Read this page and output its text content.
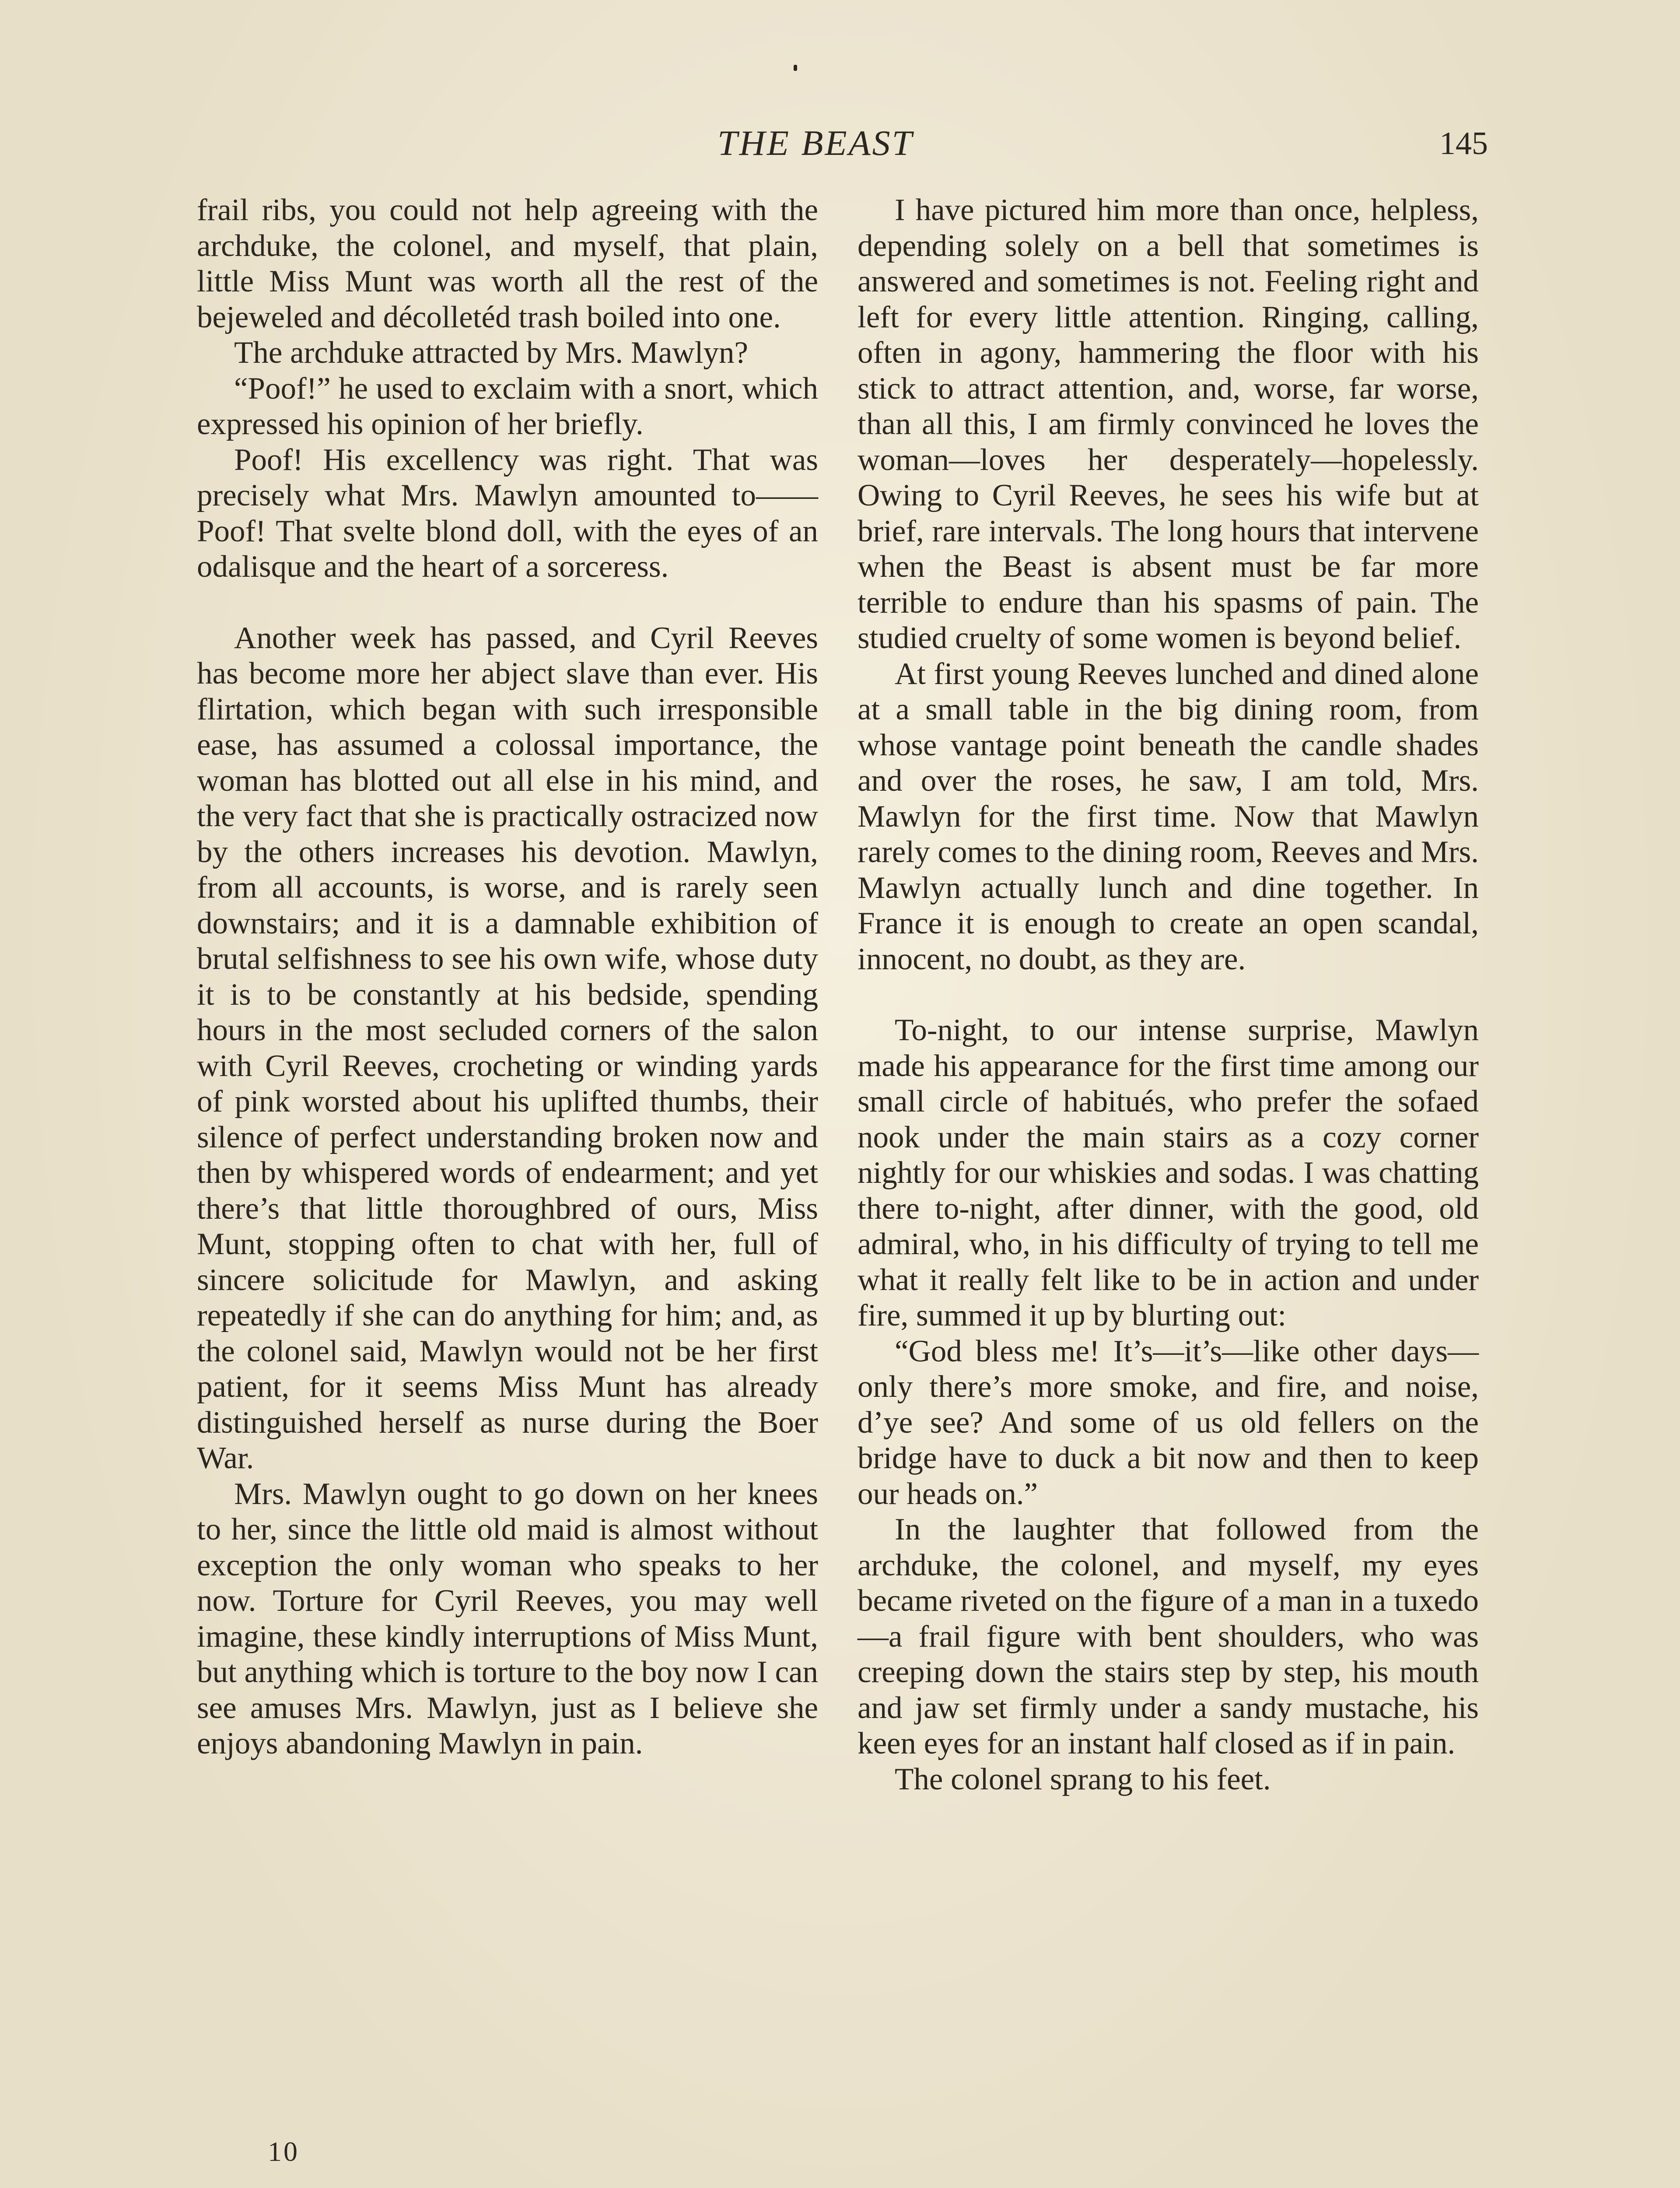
THE BEAST	145

frail ribs, you could not help agreeing with the archduke, the colonel, and myself, that plain, little Miss Munt was worth all the rest of the bejeweled and décolletéd trash boiled into one.

The archduke attracted by Mrs. Mawlyn?

“Poof!” he used to exclaim with a snort, which expressed his opinion of her briefly.

Poof! His excellency was right. That was precisely what Mrs. Mawlyn amounted to—— Poof! That svelte blond doll, with the eyes of an odalisque and the heart of a sorceress.

Another week has passed, and Cyril Reeves has become more her abject slave than ever. His flirtation, which began with such irresponsible ease, has assumed a colossal importance, the woman has blotted out all else in his mind, and the very fact that she is practically ostracized now by the others increases his devotion. Mawlyn, from all accounts, is worse, and is rarely seen downstairs; and it is a damnable exhibition of brutal selfishness to see his own wife, whose duty it is to be constantly at his bedside, spending hours in the most secluded corners of the salon with Cyril Reeves, crocheting or winding yards of pink worsted about his uplifted thumbs, their silence of perfect understanding broken now and then by whispered words of endearment; and yet there’s that little thoroughbred of ours, Miss Munt, stopping often to chat with her, full of sincere solicitude for Mawlyn, and asking repeatedly if she can do anything for him; and, as the colonel said, Mawlyn would not be her first patient, for it seems Miss Munt has already distinguished herself as nurse during the Boer War.

Mrs. Mawlyn ought to go down on her knees to her, since the little old maid is almost without exception the only woman who speaks to her now. Torture for Cyril Reeves, you may well imagine, these kindly interruptions of Miss Munt, but anything which is torture to the boy now I can see amuses Mrs. Mawlyn, just as I believe she enjoys abandoning Mawlyn in pain.

I have pictured him more than once, helpless, depending solely on a bell that sometimes is answered and sometimes is not. Feeling right and left for every little attention. Ringing, calling, often in agony, hammering the floor with his stick to attract attention, and, worse, far worse, than all this, I am firmly convinced he loves the woman—loves her desperately—hopelessly. Owing to Cyril Reeves, he sees his wife but at brief, rare intervals. The long hours that intervene when the Beast is absent must be far more terrible to endure than his spasms of pain. The studied cruelty of some women is beyond belief.

At first young Reeves lunched and dined alone at a small table in the big dining room, from whose vantage point beneath the candle shades and over the roses, he saw, I am told, Mrs. Mawlyn for the first time. Now that Mawlyn rarely comes to the dining room, Reeves and Mrs. Mawlyn actually lunch and dine together. In France it is enough to create an open scandal, innocent, no doubt, as they are.

To-night, to our intense surprise, Mawlyn made his appearance for the first time among our small circle of habitués, who prefer the sofaed nook under the main stairs as a cozy corner nightly for our whiskies and sodas. I was chatting there to-night, after dinner, with the good, old admiral, who, in his difficulty of trying to tell me what it really felt like to be in action and under fire, summed it up by blurting out:

“God bless me! It’s—it’s—like other days—only there’s more smoke, and fire, and noise, d’ye see? And some of us old fellers on the bridge have to duck a bit now and then to keep our heads on.”

In the laughter that followed from the archduke, the colonel, and myself, my eyes became riveted on the figure of a man in a tuxedo—a frail figure with bent shoulders, who was creeping down the stairs step by step, his mouth and jaw set firmly under a sandy mustache, his keen eyes for an instant half closed as if in pain.

The colonel sprang to his feet.

10
